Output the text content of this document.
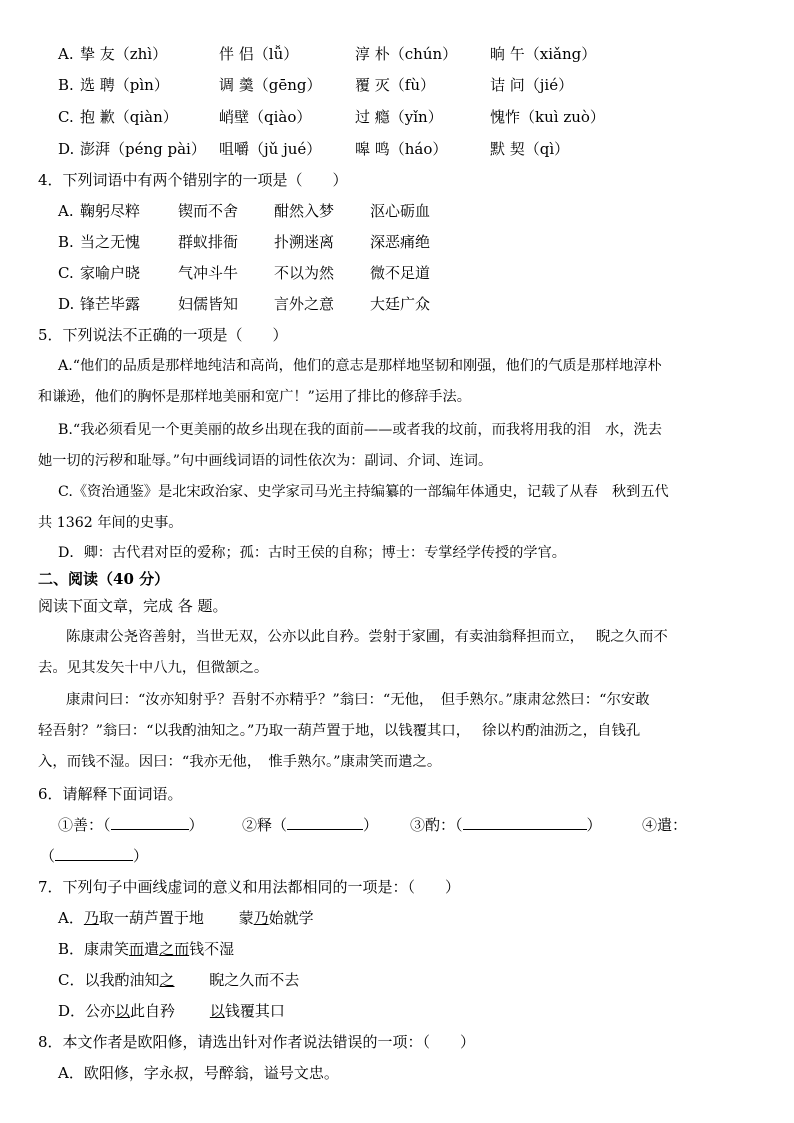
A. 挚 友（zhì）	伴 侣（lǚ）	淳 朴（chún） 晌 午（xiǎng）
B. 选 聘（pìn）	调 羹（gēng） 覆 灭（fù）	诘 问（jié）
C. 抱 歉（qiàn）	峭壁（qiào）	过 瘾（yǐn）	愧怍（kuì zuò）
D. 澎湃（péng pài） 咀嚼（jǔ jué） 嗥 鸣（háo）	默 契（qì）
4．下列词语中有两个错别字的一项是（　　）
A. 鞠躬尽粹	锲而不舍 酣然入梦 沤心砺血
B. 当之无愧	群蚁排衙 扑溯迷离 深恶痛绝
C. 家喻户晓	气冲斗牛 不以为然 微不足道
D. 锋芒毕露	妇儒皆知 言外之意 大廷广众
5．下列说法不正确的一项是（　　）
A.“他们的品质是那样地纯洁和高尚，他们的意志是那样地坚韧和刚强，他们的气质是那样地淳朴
和谦逊，他们的胸怀是那样地美丽和宽广！”运用了排比的修辞手法。
B.“我必须看见一个更美丽的故乡出现在我的面前——或者我的坟前，而我将用我的泪　水，洗去
她一切的污秽和耻辱。”句中画线词语的词性依次为：副词、介词、连词。
C.《资治通鉴》是北宋政治家、史学家司马光主持编纂的一部编年体通史，记载了从春　秋到五代
共 1362 年间的史事。
D．卿：古代君对臣的爱称；孤：古时王侯的自称；博士：专掌经学传授的学官。
二、阅读（40 分）
阅读下面文章，完成 各 题。
陈康肃公尧咨善射，当世无双，公亦以此自矜。尝射于家圃，有卖油翁释担而立，　 睨之久而不
去。见其发矢十中八九，但微颔之。
康肃问曰：“汝亦知射乎？吾射不亦精乎？”翁曰：“无他，　但手熟尔。”康肃忿然曰：“尔安敢
轻吾射？”翁曰：“以我酌油知之。”乃取一葫芦置于地，以钱覆其口，　 徐以杓酌油沥之，自钱孔
入，而钱不湿。因曰：“我亦无他，　惟手熟尔。”康肃笑而遣之。
6．请解释下面词语。
①善：（	）	②释（	） ③酌：（	）	④遣：
（	）
7．下列句子中画线虚词的意义和用法都相同的一项是：（　　）
A．乃取一葫芦置于地　　 蒙乃始就学
B．康肃笑而遣之而钱不湿
C．以我酌油知之　　 睨之久而不去
D．公亦以此自矜　　 以钱覆其口
8．本文作者是欧阳修，请选出针对作者说法错误的一项：（　　）
A．欧阳修，字永叔，号醉翁，谥号文忠。
